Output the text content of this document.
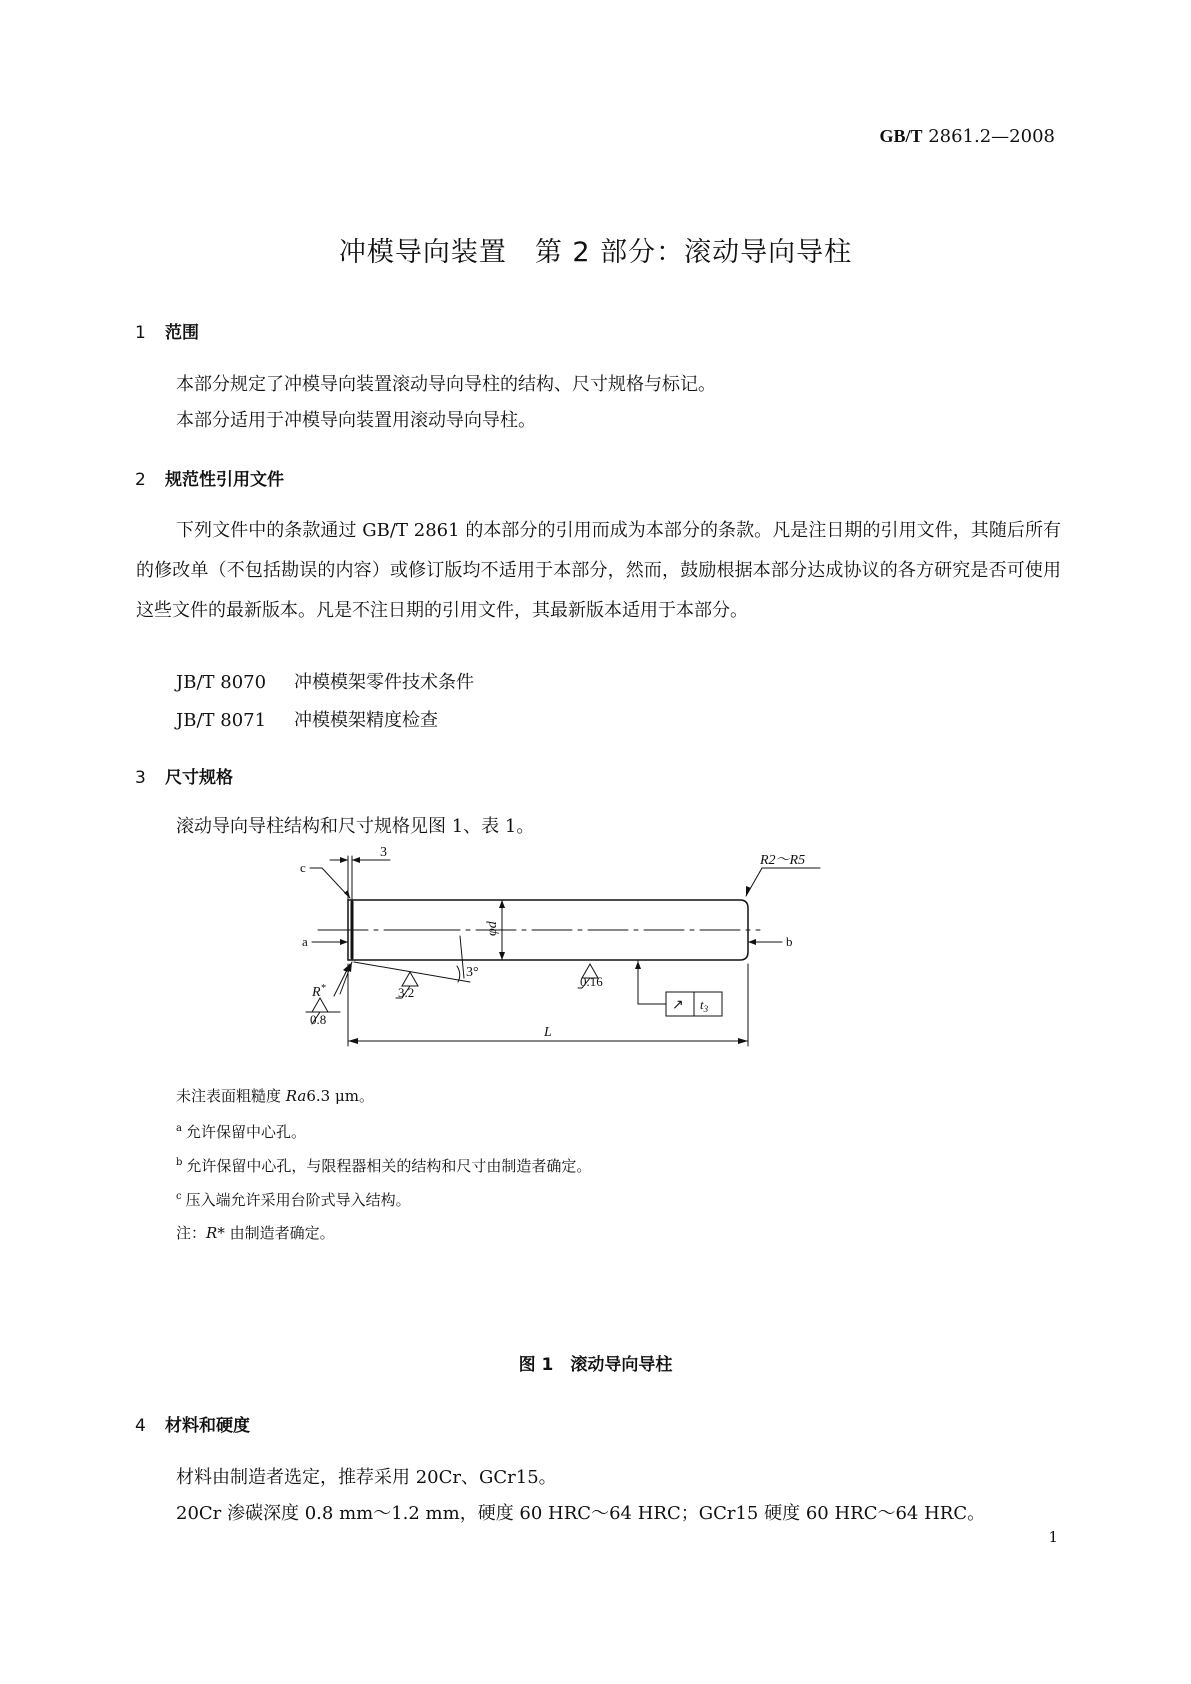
GB/T 2861.2—2008
冲模导向装置　第 2 部分：滚动导向导柱
1 范围
本部分规定了冲模导向装置滚动导向导柱的结构、尺寸规格与标记。
本部分适用于冲模导向装置用滚动导向导柱。
2 规范性引用文件
下列文件中的条款通过 GB/T 2861 的本部分的引用而成为本部分的条款。凡是注日期的引用文件，其随后所有的修改单（不包括勘误的内容）或修订版均不适用于本部分，然而，鼓励根据本部分达成协议的各方研究是否可使用这些文件的最新版本。凡是不注日期的引用文件，其最新版本适用于本部分。
JB/T 8070 冲模模架零件技术条件
JB/T 8071 冲模模架精度检查
3 尺寸规格
滚动导向导柱结构和尺寸规格见图 1、表 1。
3
R2～R5
c
a	b
φd
3°
3.2
0.16
R*
0.8
L
↗ $t_3$
未注表面粗糙度 Ra6.3 μm。
$^a$ 允许保留中心孔。
$^b$ 允许保留中心孔，与限程器相关的结构和尺寸由制造者确定。
$^c$ 压入端允许采用台阶式导入结构。
注：R* 由制造者确定。
图 1　滚动导向导柱
4 材料和硬度
材料由制造者选定，推荐采用 20Cr、GCr15。
20Cr 渗碳深度 0.8 mm～1.2 mm，硬度 60 HRC～64 HRC；GCr15 硬度 60 HRC～64 HRC。
1
